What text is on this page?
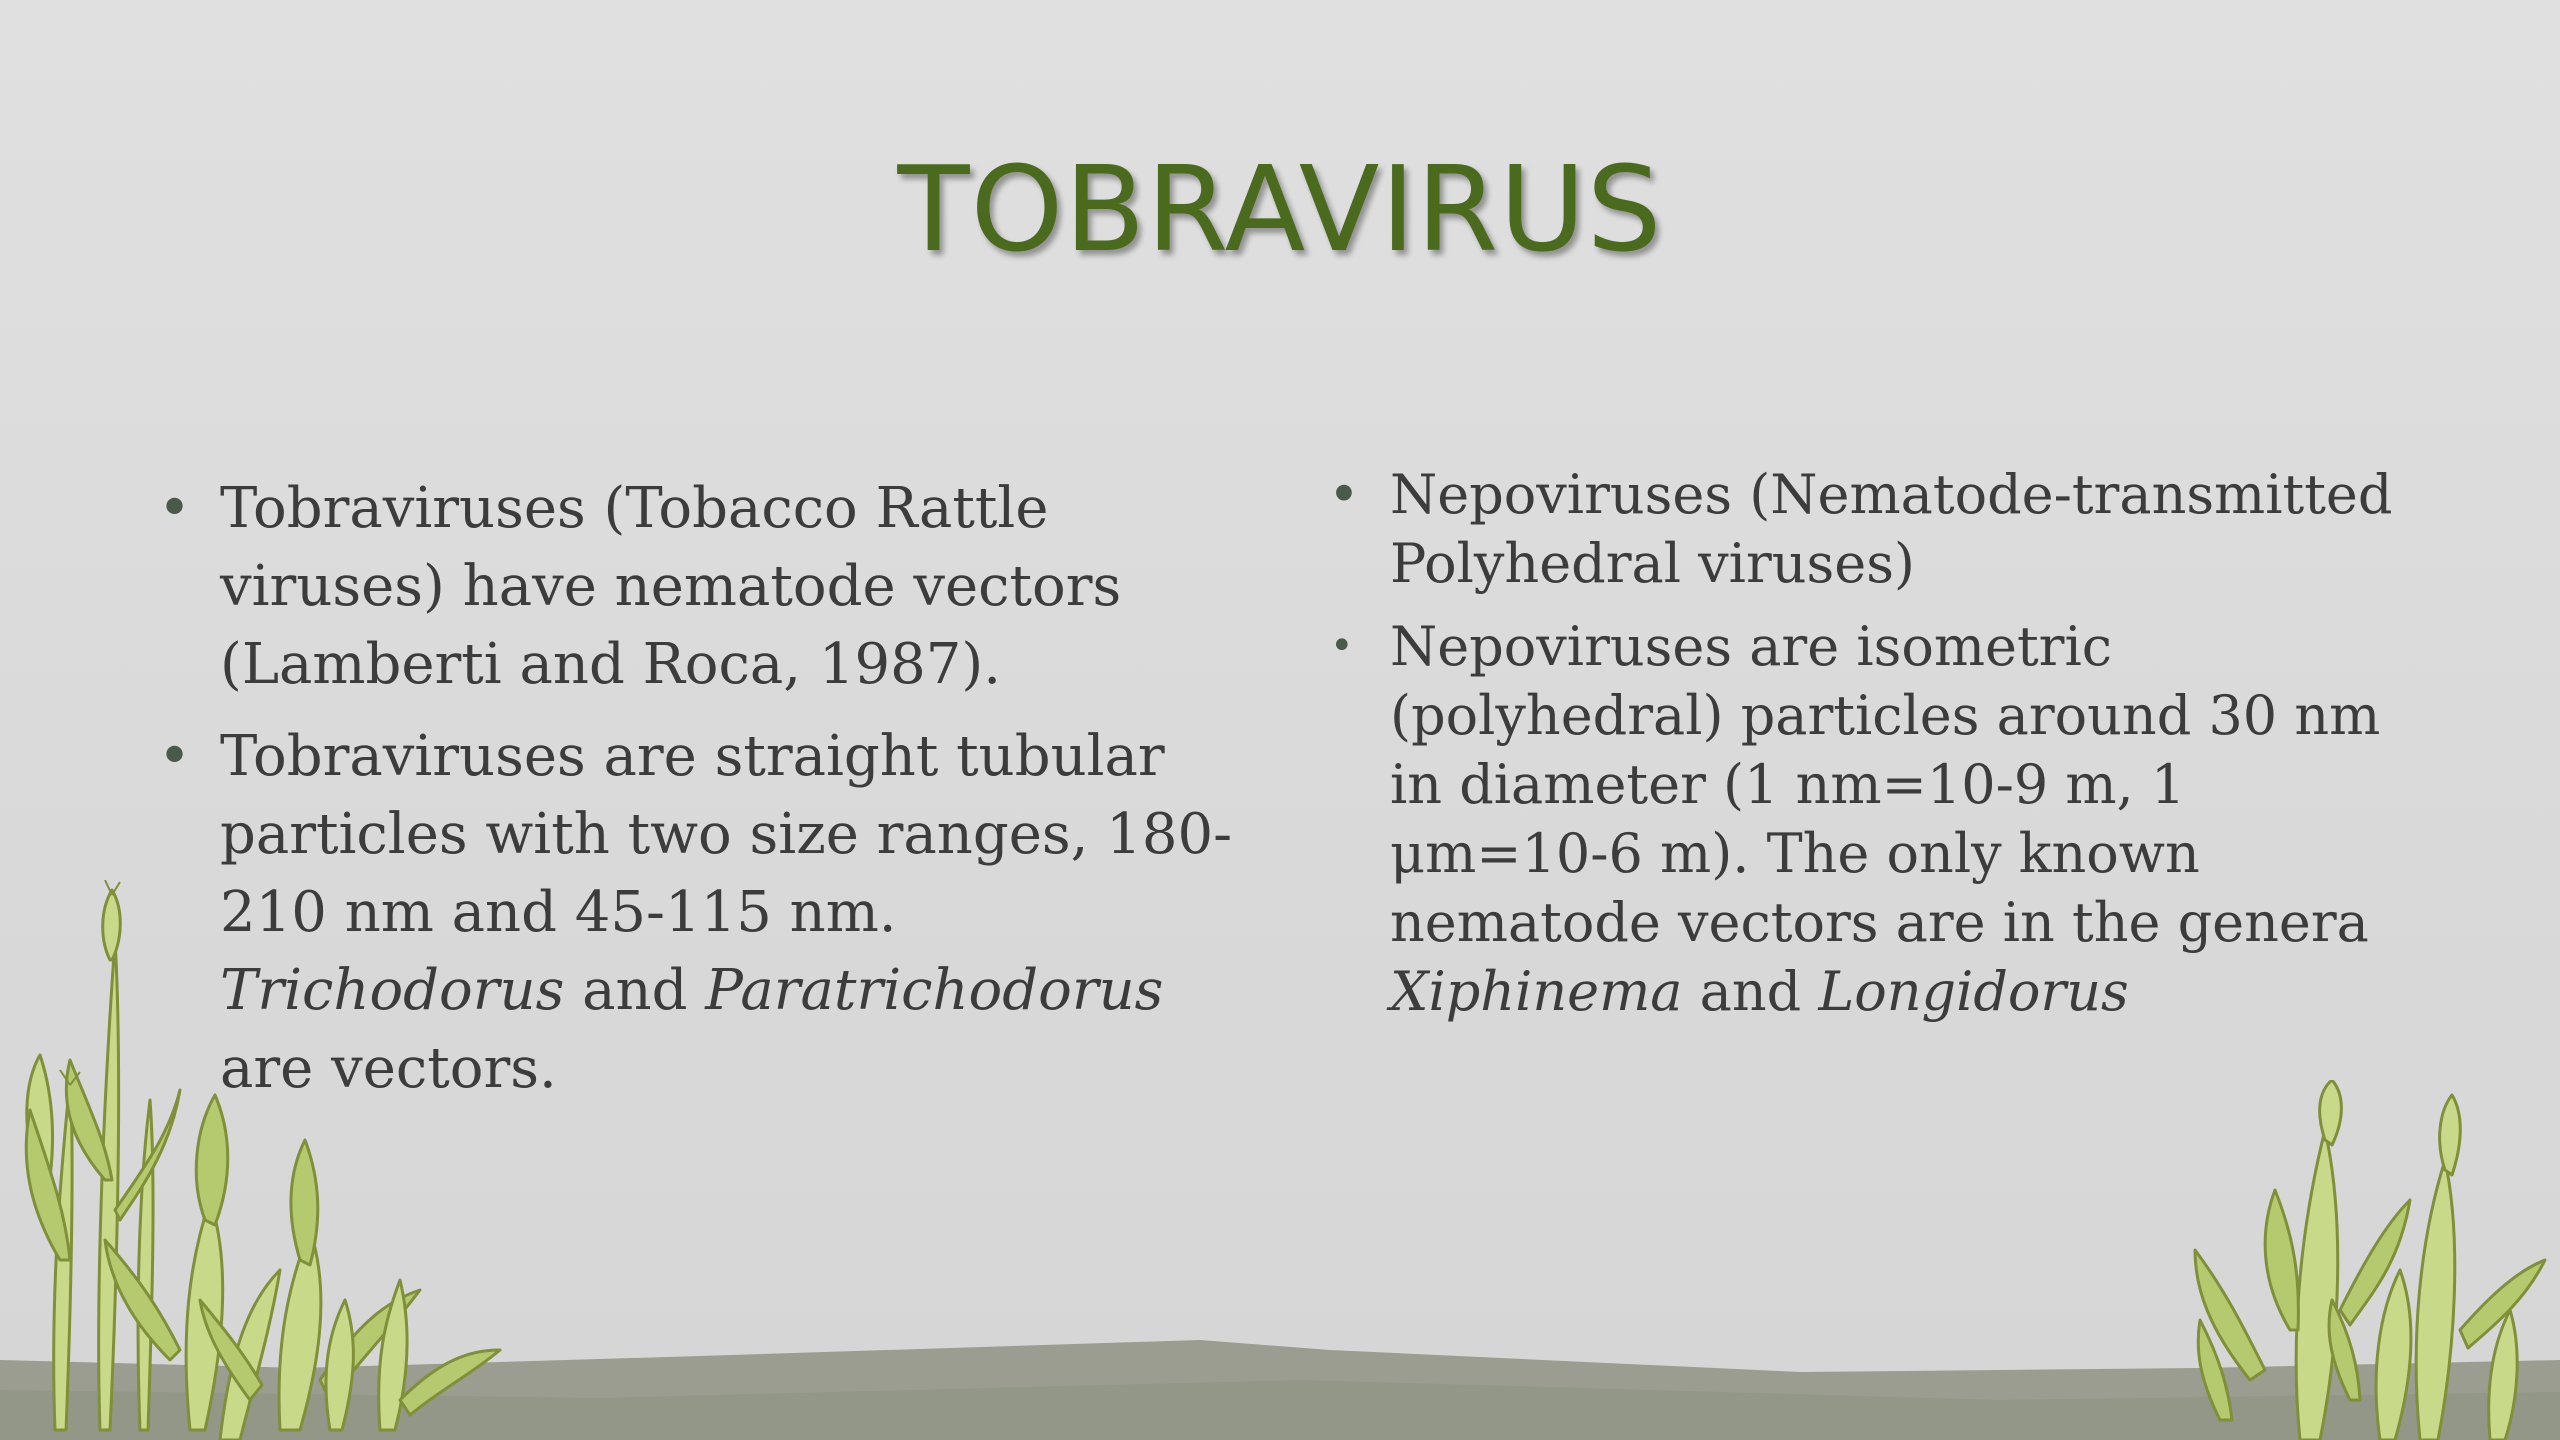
TOBRAVIRUS
• Tobraviruses (Tobacco Rattle viruses) have nematode vectors (Lamberti and Roca, 1987).
• Tobraviruses are straight tubular particles with two size ranges, 180-210 nm and 45-115 nm. Trichodorus and Paratrichodorus are vectors.
• Nepoviruses (Nematode-transmitted Polyhedral viruses)
• Nepoviruses are isometric (polyhedral) particles around 30 nm in diameter (1 nm=10-9 m, 1 μm=10-6 m). The only known nematode vectors are in the genera Xiphinema and Longidorus
